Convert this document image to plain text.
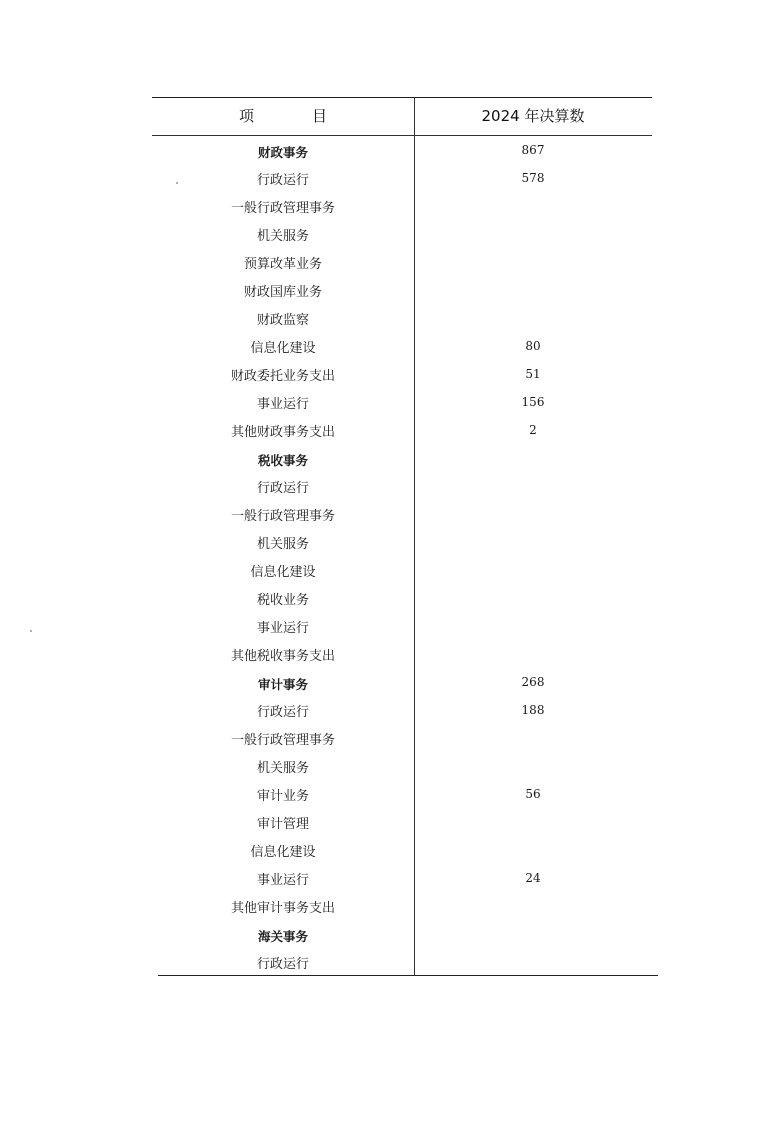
项目	2024 年决算数
财政事务	867
行政运行	578
一般行政管理事务
机关服务
预算改革业务
财政国库业务
财政监察
信息化建设	80
财政委托业务支出	51
事业运行	156
其他财政事务支出	2
税收事务
行政运行
一般行政管理事务
机关服务
信息化建设
税收业务
事业运行
其他税收事务支出
审计事务	268
行政运行	188
一般行政管理事务
机关服务
审计业务	56
审计管理
信息化建设
事业运行	24
其他审计事务支出
海关事务
行政运行
